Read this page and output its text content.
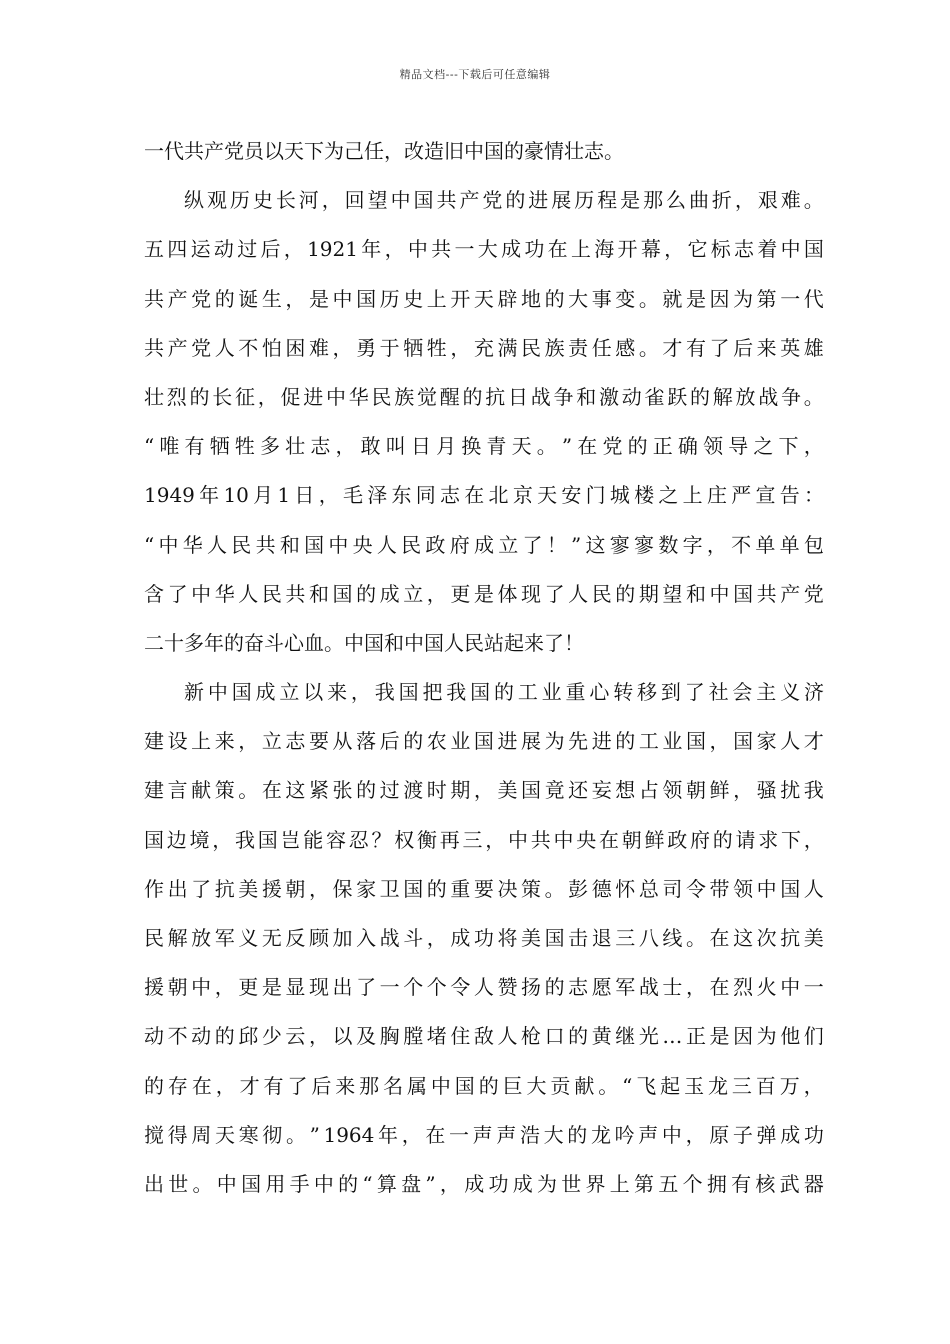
精品文档---下载后可任意编辑
一代共产党员以天下为己任，改造旧中国的豪情壮志。
纵 观 历 史 长 河 ， 回 望 中 国 共 产 党 的 进 展 历 程 是 那 么 曲 折 ， 艰 难 。
五 四 运 动 过 后 ， 1921 年 ， 中 共 一 大 成 功 在 上 海 开 幕 ， 它 标 志 着 中 国
共 产 党 的 诞 生 ， 是 中 国 历 史 上 开 天 辟 地 的 大 事 变 。 就 是 因 为 第 一 代
共 产 党 人 不 怕 困 难 ， 勇 于 牺 牲 ， 充 满 民 族 责 任 感 。 才 有 了 后 来 英 雄
壮 烈 的 长 征 ， 促 进 中 华 民 族 觉 醒 的 抗 日 战 争 和 激 动 雀 跃 的 解 放 战 争 。
“ 唯 有 牺 牲 多 壮 志 ， 敢 叫 日 月 换 青 天 。 ” 在 党 的 正 确 领 导 之 下 ，
1949 年 10 月 1 日 ， 毛 泽 东 同 志 在 北 京 天 安 门 城 楼 之 上 庄 严 宣 告 ：
“ 中 华 人 民 共 和 国 中 央 人 民 政 府 成 立 了 ！ ” 这 寥 寥 数 字 ， 不 单 单 包
含 了 中 华 人 民 共 和 国 的 成 立 ， 更 是 体 现 了 人 民 的 期 望 和 中 国 共 产 党
二十多年的奋斗心血。中国和中国人民站起来了！
新 中 国 成 立 以 来 ， 我 国 把 我 国 的 工 业 重 心 转 移 到 了 社 会 主 义 济
建 设 上 来 ， 立 志 要 从 落 后 的 农 业 国 进 展 为 先 进 的 工 业 国 ， 国 家 人 才
建 言 献 策 。 在 这 紧 张 的 过 渡 时 期 ， 美 国 竟 还 妄 想 占 领 朝 鲜 ， 骚 扰 我
国 边 境 ， 我 国 岂 能 容 忍 ？ 权 衡 再 三 ， 中 共 中 央 在 朝 鲜 政 府 的 请 求 下 ，
作 出 了 抗 美 援 朝 ， 保 家 卫 国 的 重 要 决 策 。 彭 德 怀 总 司 令 带 领 中 国 人
民 解 放 军 义 无 反 顾 加 入 战 斗 ， 成 功 将 美 国 击 退 三 八 线 。 在 这 次 抗 美
援 朝 中 ， 更 是 显 现 出 了 一 个 个 令 人 赞 扬 的 志 愿 军 战 士 ， 在 烈 火 中 一
动 不 动 的 邱 少 云 ， 以 及 胸 膛 堵 住 敌 人 枪 口 的 黄 继 光 … 正 是 因 为 他 们
的 存 在 ， 才 有 了 后 来 那 名 属 中 国 的 巨 大 贡 献 。 “ 飞 起 玉 龙 三 百 万 ，
搅 得 周 天 寒 彻 。 ” 1964 年 ， 在 一 声 声 浩 大 的 龙 吟 声 中 ， 原 子 弹 成 功
出 世 。 中 国 用 手 中 的 “ 算 盘 ” ， 成 功 成 为 世 界 上 第 五 个 拥 有 核 武 器
